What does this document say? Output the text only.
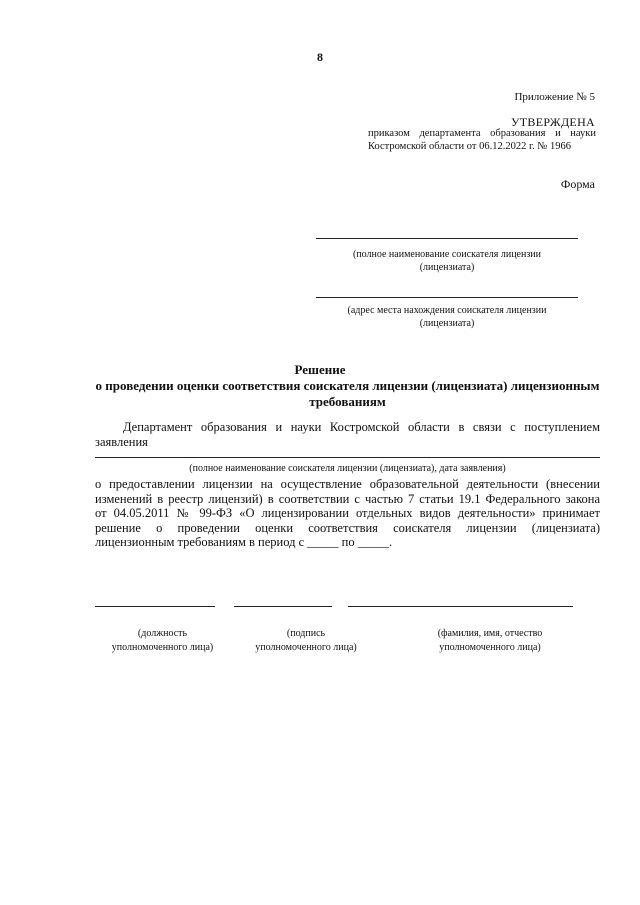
8
Приложение № 5
УТВЕРЖДЕНА
приказом департамента образования и науки
Костромской области от 06.12.2022 г. № 1966
Форма
(полное наименование соискателя лицензии
(лицензиата)
(адрес места нахождения соискателя лицензии
(лицензиата)
Решение
о проведении оценки соответствия соискателя лицензии (лицензиата) лицензионным
требованиям
Департамент образования и науки Костромской области в связи с поступлением
заявления
(полное наименование соискателя лицензии (лицензиата), дата заявления)
о предоставлении лицензии на осуществление образовательной деятельности (внесении
изменений в реестр лицензий) в соответствии с частью 7 статьи 19.1 Федерального закона
от 04.05.2011 № 99-ФЗ «О лицензировании отдельных видов деятельности» принимает
решение о проведении оценки соответствия соискателя лицензии (лицензиата)
лицензионным требованиям в период с _____ по _____.
(должность
уполномоченного лица)
(подпись
уполномоченного лица)
(фамилия, имя, отчество
уполномоченного лица)
